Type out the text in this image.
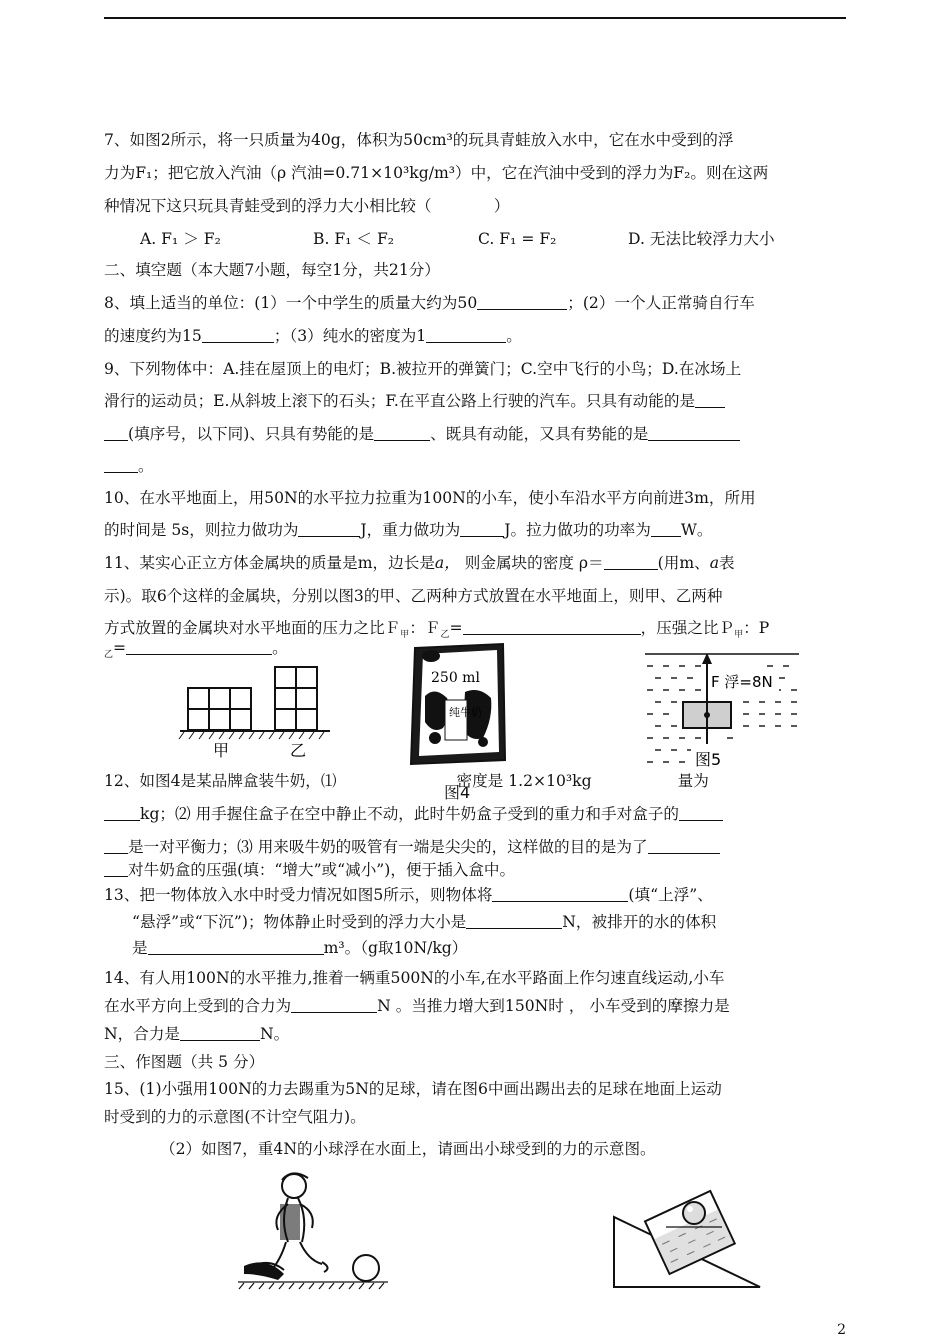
7、如图2所示，将一只质量为40g，体积为50cm³的玩具青蛙放入水中，它在水中受到的浮
力为F₁；把它放入汽油（ρ 汽油=0.71×10³kg/m³）中，它在汽油中受到的浮力为F₂。则在这两
种情况下这只玩具青蛙受到的浮力大小相比较（　　　　）
A. F₁ ＞ F₂	B. F₁ ＜ F₂	C. F₁ = F₂	D. 无法比较浮力大小
二、填空题（本大题7小题，每空1分，共21分）
8、填上适当的单位：(1）一个中学生的质量大约为50	；(2）一个人正常骑自行车
的速度约为15	；（3）纯水的密度为1	。
9、下列物体中：A.挂在屋顶上的电灯；B.被拉开的弹簧门；C.空中飞行的小鸟；D.在冰场上
滑行的运动员；E.从斜坡上滚下的石头；F.在平直公路上行驶的汽车。只具有动能的是
(填序号，以下同)、只具有势能的是	、既具有动能，又具有势能的是
。
10、在水平地面上，用50N的水平拉力拉重为100N的小车，使小车沿水平方向前进3m，所用
的时间是 5s，则拉力做功为	J，重力做功为	J。拉力做功的功率为 W。
11、某实心正立方体金属块的质量是m，边长是a， 则金属块的密度 ρ＝	(用m、a表
示)。取6个这样的金属块，分别以图3的甲、乙两种方式放置在水平地面上，则甲、乙两种
方式放置的金属块对水平地面的压力之比Ｆ$_甲$：Ｆ$_乙$=	，压强之比Ｐ$_甲$：P
$_乙$=	。
甲	乙
250 ml
纯牛奶
图4
F 浮=8N
图5
12、如图4是某品牌盒装牛奶，⑴	密度是 1.2×10³kg	量为
kg；⑵ 用手握住盒子在空中静止不动，此时牛奶盒子受到的重力和手对盒子的
是一对平衡力；⑶ 用来吸牛奶的吸管有一端是尖尖的，这样做的目的是为了
对牛奶盒的压强(填：“增大”或“减小”)，便于插入盒中。
13、把一物体放入水中时受力情况如图5所示，则物体将	(填“上浮”、
“悬浮”或“下沉”)；物体静止时受到的浮力大小是	N，被排开的水的体积
是	m³。（g取10N/kg）
14、有人用100N的水平推力,推着一辆重500N的小车,在水平路面上作匀速直线运动,小车
在水平方向上受到的合力为	N 。当推力增大到150N时 ， 小车受到的摩擦力是
N，合力是	N。
三、作图题（共 5 分）
15、(1)小强用100N的力去踢重为5N的足球，请在图6中画出踢出去的足球在地面上运动
时受到的力的示意图(不计空气阻力)。
（2）如图7，重4N的小球浮在水面上，请画出小球受到的力的示意图。
2
